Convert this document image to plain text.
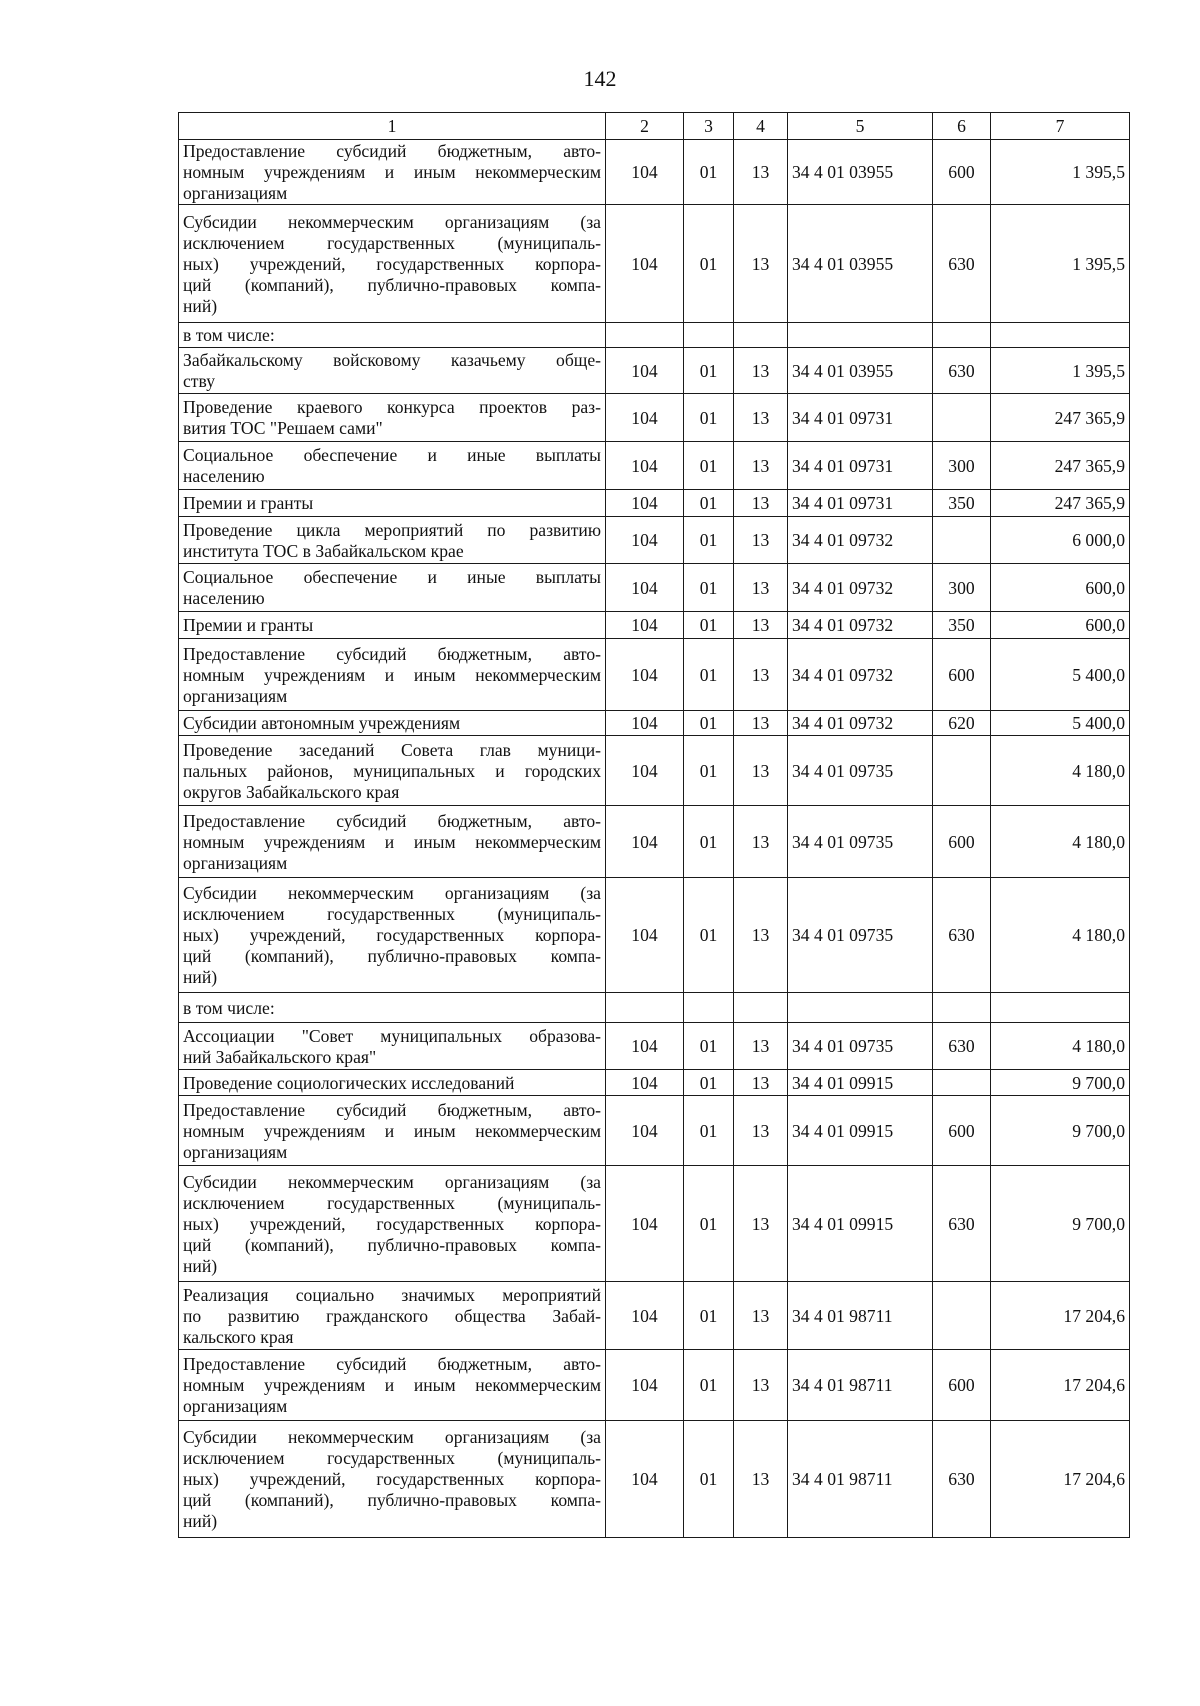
142
1	2	3	4	5	6	7

Предоставление субсидий бюджетным, авто-
номным учреждениям и иным некоммерческим
организациям	104	01	13	34 4 01 03955	600	1 395,5

Субсидии некоммерческим организациям (за
исключением государственных (муниципаль-
ных) учреждений, государственных корпора-
ций (компаний), публично-правовых компа-
ний)	104	01	13	34 4 01 03955	630	1 395,5

в том числе:						

Забайкальскому войсковому казачьему обще-
ству	104	01	13	34 4 01 03955	630	1 395,5

Проведение краевого конкурса проектов раз-
вития ТОС "Решаем сами"	104	01	13	34 4 01 09731		247 365,9

Социальное обеспечение и иные выплаты
населению	104	01	13	34 4 01 09731	300	247 365,9

Премии и гранты	104	01	13	34 4 01 09731	350	247 365,9

Проведение цикла мероприятий по развитию
института ТОС в Забайкальском крае	104	01	13	34 4 01 09732		6 000,0

Социальное обеспечение и иные выплаты
населению	104	01	13	34 4 01 09732	300	600,0

Премии и гранты	104	01	13	34 4 01 09732	350	600,0

Предоставление субсидий бюджетным, авто-
номным учреждениям и иным некоммерческим
организациям	104	01	13	34 4 01 09732	600	5 400,0

Субсидии автономным учреждениям	104	01	13	34 4 01 09732	620	5 400,0

Проведение заседаний Совета глав муници-
пальных районов, муниципальных и городских
округов Забайкальского края	104	01	13	34 4 01 09735		4 180,0

Предоставление субсидий бюджетным, авто-
номным учреждениям и иным некоммерческим
организациям	104	01	13	34 4 01 09735	600	4 180,0

Субсидии некоммерческим организациям (за
исключением государственных (муниципаль-
ных) учреждений, государственных корпора-
ций (компаний), публично-правовых компа-
ний)	104	01	13	34 4 01 09735	630	4 180,0

в том числе:						

Ассоциации "Совет муниципальных образова-
ний Забайкальского края"	104	01	13	34 4 01 09735	630	4 180,0

Проведение социологических исследований	104	01	13	34 4 01 09915		9 700,0

Предоставление субсидий бюджетным, авто-
номным учреждениям и иным некоммерческим
организациям	104	01	13	34 4 01 09915	600	9 700,0

Субсидии некоммерческим организациям (за
исключением государственных (муниципаль-
ных) учреждений, государственных корпора-
ций (компаний), публично-правовых компа-
ний)	104	01	13	34 4 01 09915	630	9 700,0

Реализация социально значимых мероприятий
по развитию гражданского общества Забай-
кальского края	104	01	13	34 4 01 98711		17 204,6

Предоставление субсидий бюджетным, авто-
номным учреждениям и иным некоммерческим
организациям	104	01	13	34 4 01 98711	600	17 204,6

Субсидии некоммерческим организациям (за
исключением государственных (муниципаль-
ных) учреждений, государственных корпора-
ций (компаний), публично-правовых компа-
ний)	104	01	13	34 4 01 98711	630	17 204,6
